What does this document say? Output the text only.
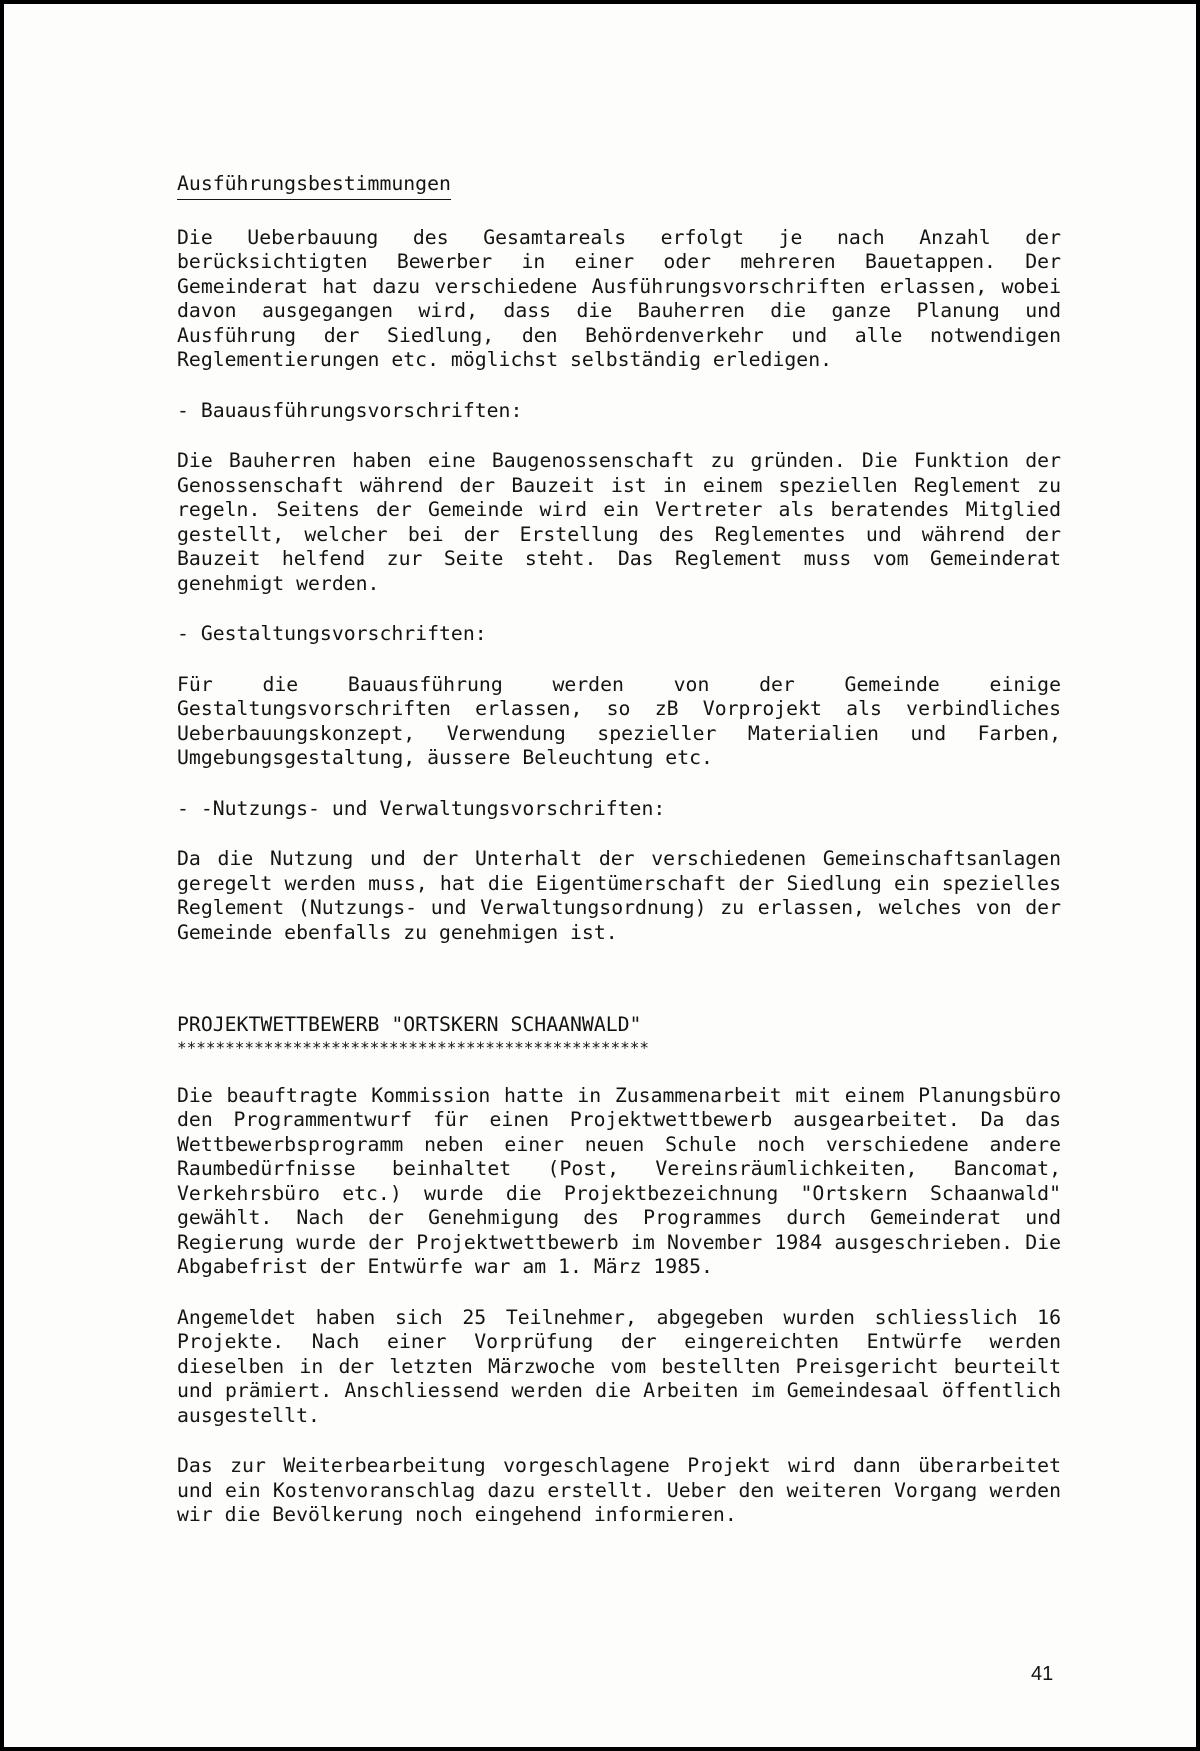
Ausführungsbestimmungen

Die Ueberbauung des Gesamtareals erfolgt je nach Anzahl der berücksichtigten Bewerber in einer oder mehreren Bauetappen. Der Gemeinderat hat dazu verschiedene Ausführungsvorschriften erlassen, wobei davon ausgegangen wird, dass die Bauherren die ganze Planung und Ausführung der Siedlung, den Behördenverkehr und alle notwendigen Reglementierungen etc. möglichst selbständig erledigen.

- Bauausführungsvorschriften:

Die Bauherren haben eine Baugenossenschaft zu gründen. Die Funktion der Genossenschaft während der Bauzeit ist in einem speziellen Reglement zu regeln. Seitens der Gemeinde wird ein Vertreter als beratendes Mitglied gestellt, welcher bei der Erstellung des Reglementes und während der Bauzeit helfend zur Seite steht. Das Reglement muss vom Gemeinderat genehmigt werden.

- Gestaltungsvorschriften:

Für die Bauausführung werden von der Gemeinde einige Gestaltungsvorschriften erlassen, so zB Vorprojekt als verbindliches Ueberbauungskonzept, Verwendung spezieller Materialien und Farben, Umgebungsgestaltung, äussere Beleuchtung etc.

- -Nutzungs- und Verwaltungsvorschriften:

Da die Nutzung und der Unterhalt der verschiedenen Gemeinschaftsanlagen geregelt werden muss, hat die Eigentümerschaft der Siedlung ein spezielles Reglement (Nutzungs- und Verwaltungsordnung) zu erlassen, welches von der Gemeinde ebenfalls zu genehmigen ist.

PROJEKTWETTBEWERB "ORTSKERN SCHAANWALD"

*************************************************

Die beauftragte Kommission hatte in Zusammenarbeit mit einem Planungsbüro den Programmentwurf für einen Projektwettbewerb ausgearbeitet. Da das Wettbewerbsprogramm neben einer neuen Schule noch verschiedene andere Raumbedürfnisse beinhaltet (Post, Vereinsräumlichkeiten, Bancomat, Verkehrsbüro etc.) wurde die Projektbezeichnung "Ortskern Schaanwald" gewählt. Nach der Genehmigung des Programmes durch Gemeinderat und Regierung wurde der Projektwettbewerb im November 1984 ausgeschrieben. Die Abgabefrist der Entwürfe war am 1. März 1985.

Angemeldet haben sich 25 Teilnehmer, abgegeben wurden schliesslich 16 Projekte. Nach einer Vorprüfung der eingereichten Entwürfe werden dieselben in der letzten Märzwoche vom bestellten Preisgericht beurteilt und prämiert. Anschliessend werden die Arbeiten im Gemeindesaal öffentlich ausgestellt.

Das zur Weiterbearbeitung vorgeschlagene Projekt wird dann überarbeitet und ein Kostenvoranschlag dazu erstellt. Ueber den weiteren Vorgang werden wir die Bevölkerung noch eingehend informieren.

41
